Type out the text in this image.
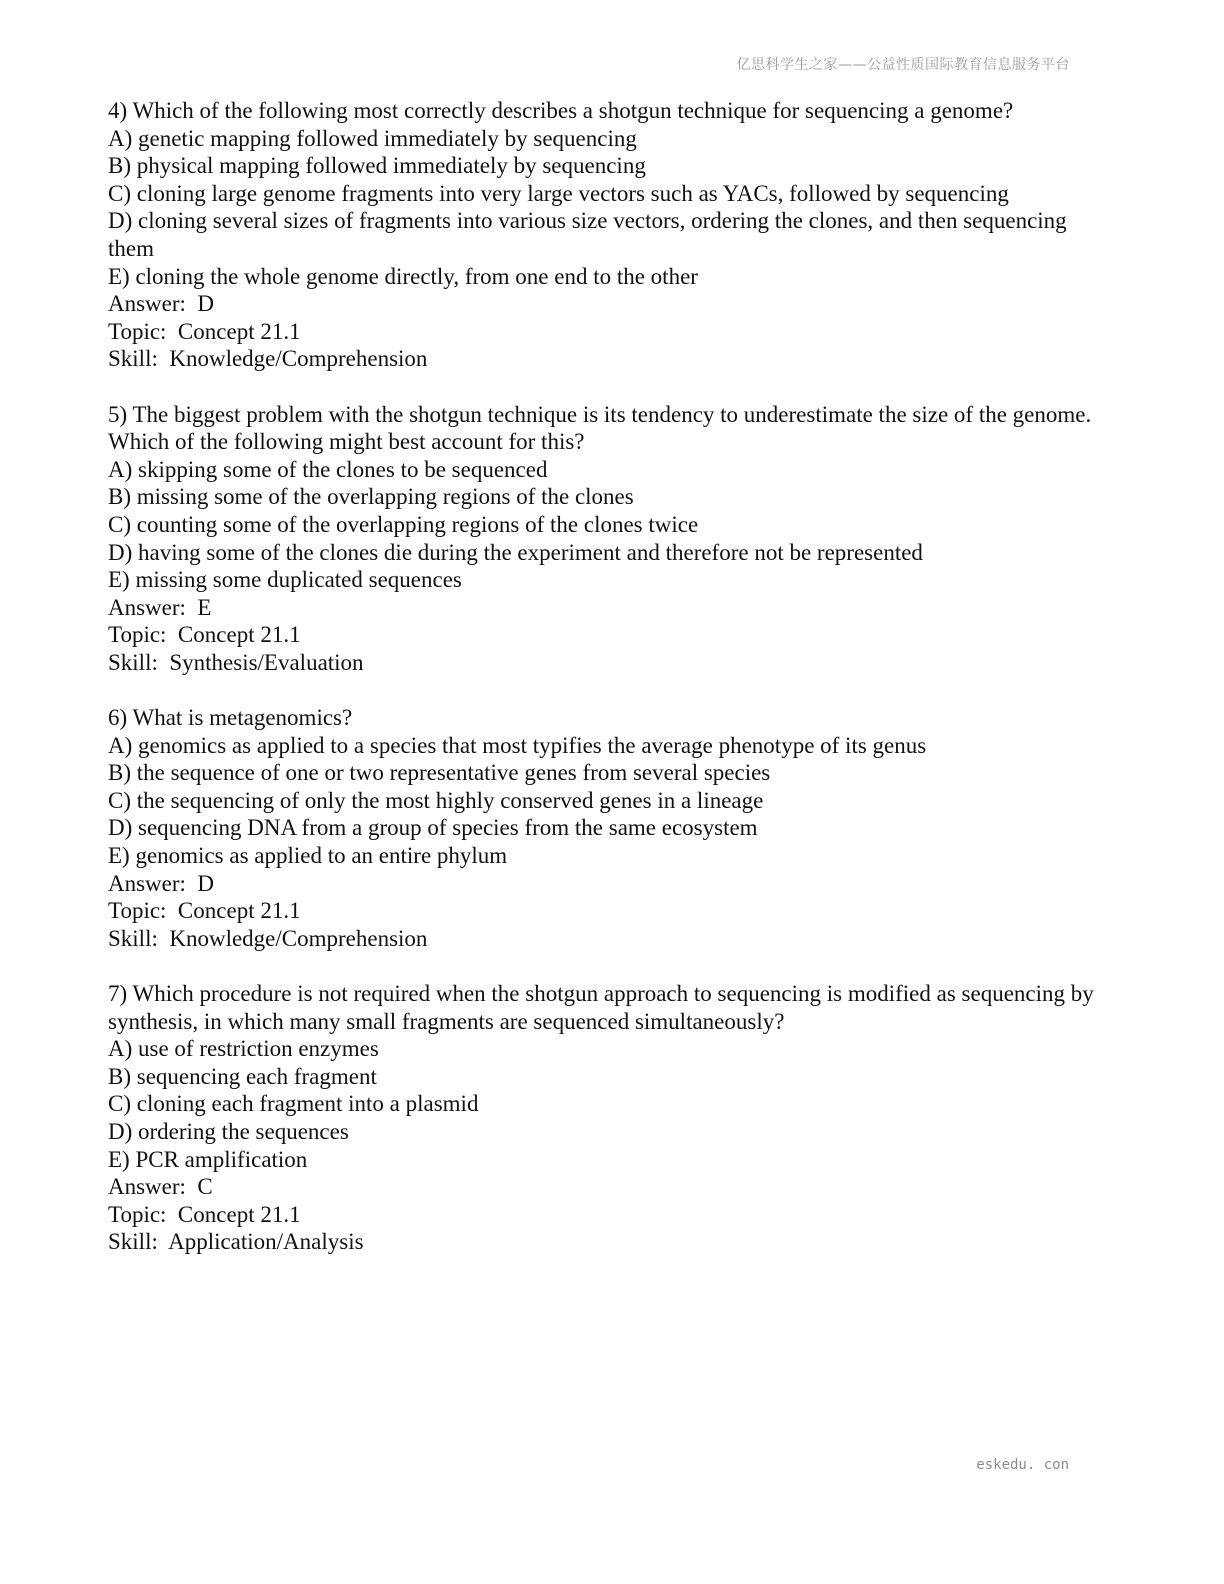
亿思科学生之家——公益性质国际教育信息服务平台
4) Which of the following most correctly describes a shotgun technique for sequencing a genome?
A) genetic mapping followed immediately by sequencing
B) physical mapping followed immediately by sequencing
C) cloning large genome fragments into very large vectors such as YACs, followed by sequencing
D) cloning several sizes of fragments into various size vectors, ordering the clones, and then sequencing them
E) cloning the whole genome directly, from one end to the other
Answer:  D
Topic:  Concept 21.1
Skill:  Knowledge/Comprehension
5) The biggest problem with the shotgun technique is its tendency to underestimate the size of the genome. Which of the following might best account for this?
A) skipping some of the clones to be sequenced
B) missing some of the overlapping regions of the clones
C) counting some of the overlapping regions of the clones twice
D) having some of the clones die during the experiment and therefore not be represented
E) missing some duplicated sequences
Answer:  E
Topic:  Concept 21.1
Skill:  Synthesis/Evaluation
6) What is metagenomics?
A) genomics as applied to a species that most typifies the average phenotype of its genus
B) the sequence of one or two representative genes from several species
C) the sequencing of only the most highly conserved genes in a lineage
D) sequencing DNA from a group of species from the same ecosystem
E) genomics as applied to an entire phylum
Answer:  D
Topic:  Concept 21.1
Skill:  Knowledge/Comprehension
7) Which procedure is not required when the shotgun approach to sequencing is modified as sequencing by synthesis, in which many small fragments are sequenced simultaneously?
A) use of restriction enzymes
B) sequencing each fragment
C) cloning each fragment into a plasmid
D) ordering the sequences
E) PCR amplification
Answer:  C
Topic:  Concept 21.1
Skill:  Application/Analysis
eskedu. con
